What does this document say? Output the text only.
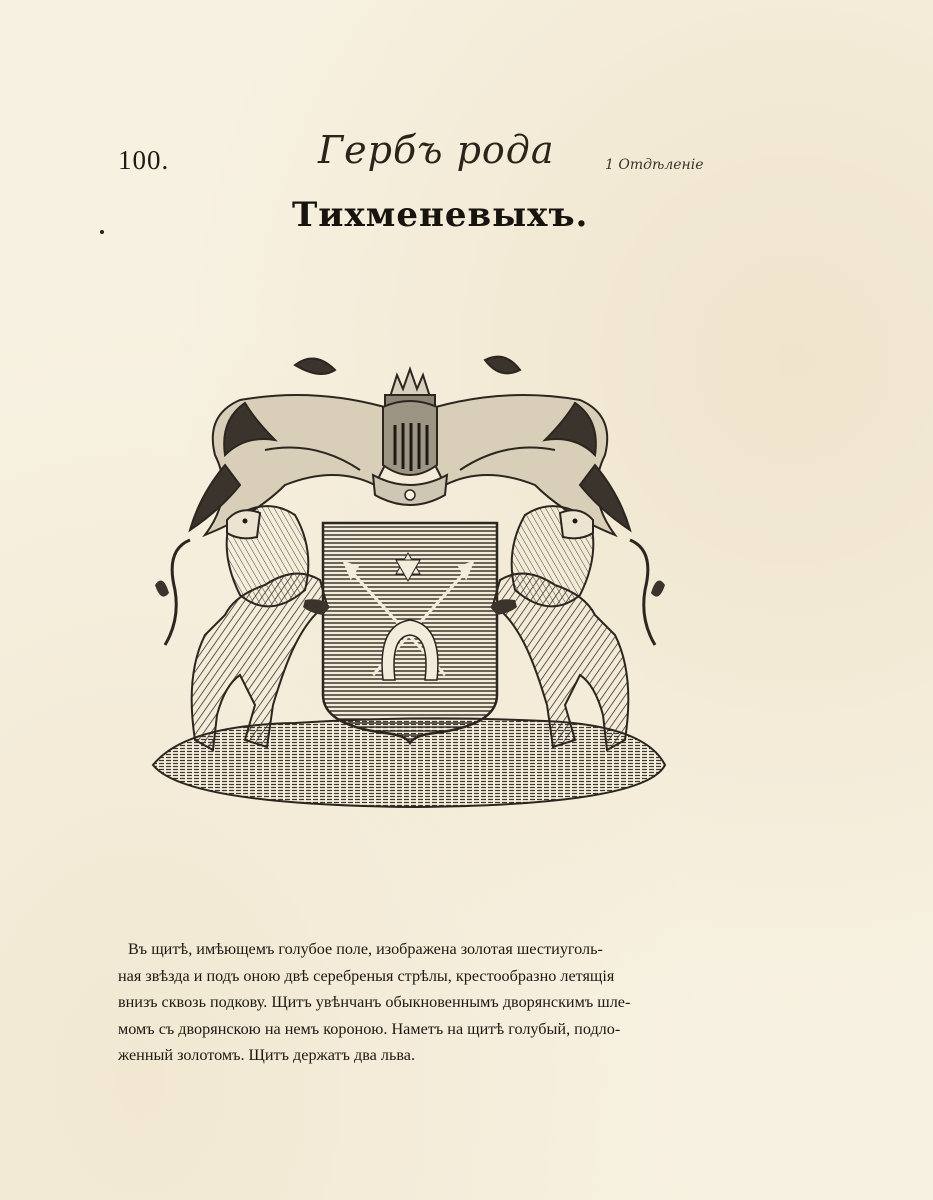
100.	Гербъ рода	1 Отдѣленіе
Тихменевыхъ.
Въ щитѣ, имѣющемъ голубое поле, изображена золотая шестиуголь-
ная звѣзда и подъ оною двѣ серебреныя стрѣлы, крестообразно летящія
внизъ сквозь подкову. Щитъ увѣнчанъ обыкновеннымъ дворянскимъ шле-
момъ съ дворянскою на немъ короною. Наметъ на щитѣ голубый, подло-
женный золотомъ. Щитъ держатъ два льва.
